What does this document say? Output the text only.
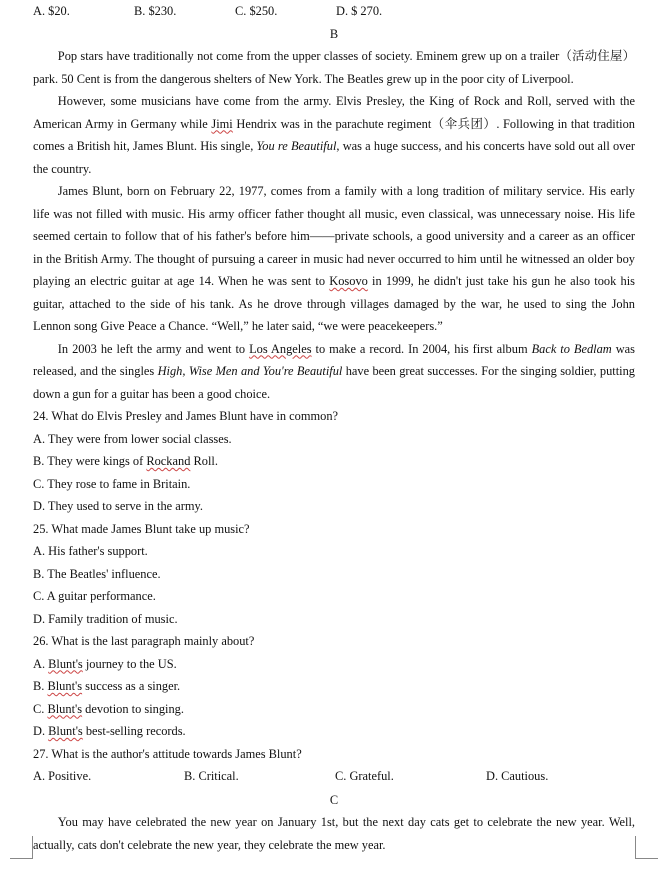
A. $20.	B. $230.	C. $250.	D. $ 270.
B

Pop stars have traditionally not come from the upper classes of society. Eminem grew up on a trailer（活动住屋） park. 50 Cent is from the dangerous shelters of New York. The Beatles grew up in the poor city of Liverpool.

However, some musicians have come from the army. Elvis Presley, the King of Rock and Roll, served with the American Army in Germany while Jimi Hendrix was in the parachute regiment（伞兵团）. Following in that tradition comes a British hit, James Blunt. His single, You re Beautiful, was a huge success, and his concerts have sold out all over the country.

James Blunt, born on February 22, 1977, comes from a family with a long tradition of military service. His early life was not filled with music. His army officer father thought all music, even classical, was unnecessary noise. His life seemed certain to follow that of his father's before him——private schools, a good university and a career as an officer in the British Army. The thought of pursuing a career in music had never occurred to him until he witnessed an older boy playing an electric guitar at age 14. When he was sent to Kosovo in 1999, he didn't just take his gun he also took his guitar, attached to the side of his tank. As he drove through villages damaged by the war, he used to sing the John Lennon song Give Peace a Chance. “Well,” he later said, “we were peacekeepers.”

In 2003 he left the army and went to Los Angeles to make a record. In 2004, his first album Back to Bedlam was released, and the singles High, Wise Men and You're Beautiful have been great successes. For the singing soldier, putting down a gun for a guitar has been a good choice.

24. What do Elvis Presley and James Blunt have in common?
A. They were from lower social classes.
B. They were kings of Rockand Roll.
C. They rose to fame in Britain.
D. They used to serve in the army.
25. What made James Blunt take up music?
A. His father's support.
B. The Beatles' influence.
C. A guitar performance.
D. Family tradition of music.
26. What is the last paragraph mainly about?
A. Blunt's journey to the US.
B. Blunt's success as a singer.
C. Blunt's devotion to singing.
D. Blunt's best-selling records.
27. What is the author's attitude towards James Blunt?
A. Positive.	B. Critical.	C. Grateful.	D. Cautious.
C

You may have celebrated the new year on January 1st, but the next day cats get to celebrate the new year. Well, actually, cats don't celebrate the new year, they celebrate the mew year.
